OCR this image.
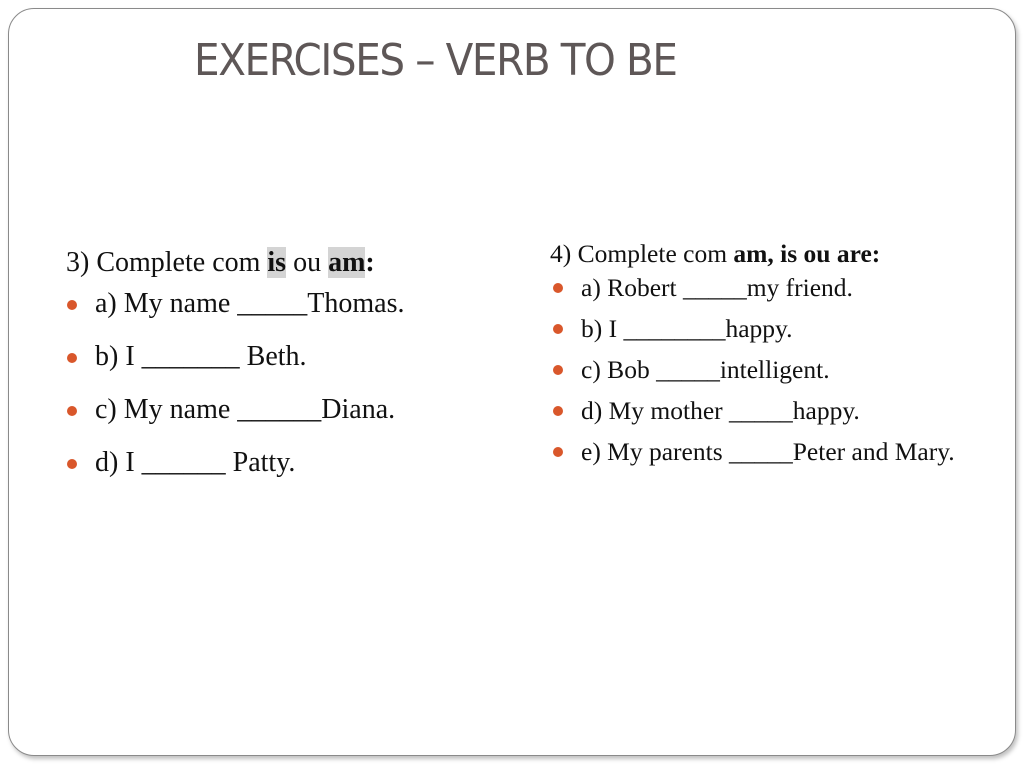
EXERCISES – VERB TO BE

3) Complete com is ou am:

a) My name _____Thomas.
b) I _______ Beth.
c) My name ______Diana.
d) I ______ Patty.

4) Complete com am, is ou are:

a) Robert _____my friend.
b) I ________happy.
c) Bob _____intelligent.
d) My mother _____happy.
e) My parents _____Peter and Mary.
